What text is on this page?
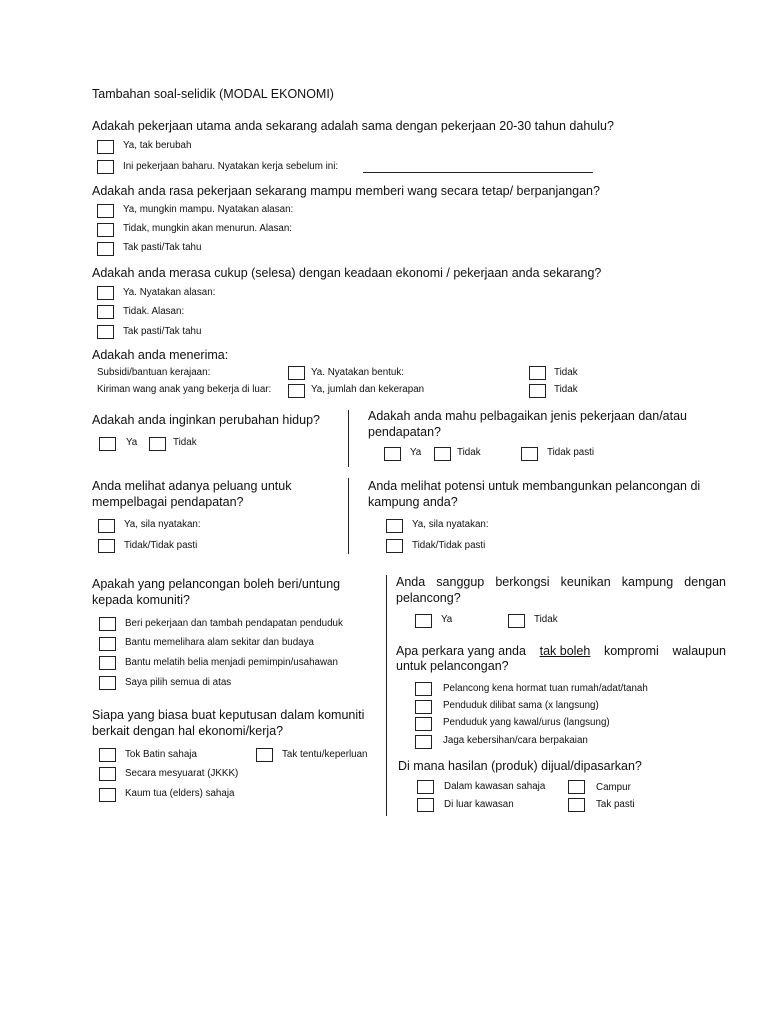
Tambahan soal-selidik (MODAL EKONOMI)
Adakah pekerjaan utama anda sekarang adalah sama dengan pekerjaan 20-30 tahun dahulu?
Ya, tak berubah
Ini pekerjaan baharu. Nyatakan kerja sebelum ini:
Adakah anda rasa pekerjaan sekarang mampu memberi wang secara tetap/ berpanjangan?
Ya, mungkin mampu. Nyatakan alasan:
Tidak, mungkin akan menurun. Alasan:
Tak pasti/Tak tahu
Adakah anda merasa cukup (selesa) dengan keadaan ekonomi / pekerjaan anda sekarang?
Ya. Nyatakan alasan:
Tidak. Alasan:
Tak pasti/Tak tahu
Adakah anda menerima:
Subsidi/bantuan kerajaan:	Ya. Nyatakan bentuk:	Tidak
Kiriman wang anak yang bekerja di luar:	Ya, jumlah dan kekerapan	Tidak
Adakah anda inginkan perubahan hidup?
Ya	Tidak
Adakah anda mahu pelbagaikan jenis pekerjaan dan/atau pendapatan?
Ya	Tidak	Tidak pasti
Anda melihat adanya peluang untuk mempelbagai pendapatan?
Ya, sila nyatakan:
Tidak/Tidak pasti
Anda melihat potensi untuk membangunkan pelancongan di kampung anda?
Ya, sila nyatakan:
Tidak/Tidak pasti
Apakah yang pelancongan boleh beri/untung kepada komuniti?
Beri pekerjaan dan tambah pendapatan penduduk
Bantu memelihara alam sekitar dan budaya
Bantu melatih belia menjadi pemimpin/usahawan
Saya pilih semua di atas
Siapa yang biasa buat keputusan dalam komuniti berkait dengan hal ekonomi/kerja?
Tok Batin sahaja	Tak tentu/keperluan
Secara mesyuarat (JKKK)
Kaum tua (elders) sahaja
Anda sanggup berkongsi keunikan kampung dengan pelancong?
Ya	Tidak
Apa perkara yang anda tak boleh kompromi walaupun
untuk pelancongan?
Pelancong kena hormat tuan rumah/adat/tanah
Penduduk dilibat sama (x langsung)
Penduduk yang kawal/urus (langsung)
Jaga kebersihan/cara berpakaian
Di mana hasilan (produk) dijual/dipasarkan?
Dalam kawasan sahaja	Campur
Di luar kawasan	Tak pasti
